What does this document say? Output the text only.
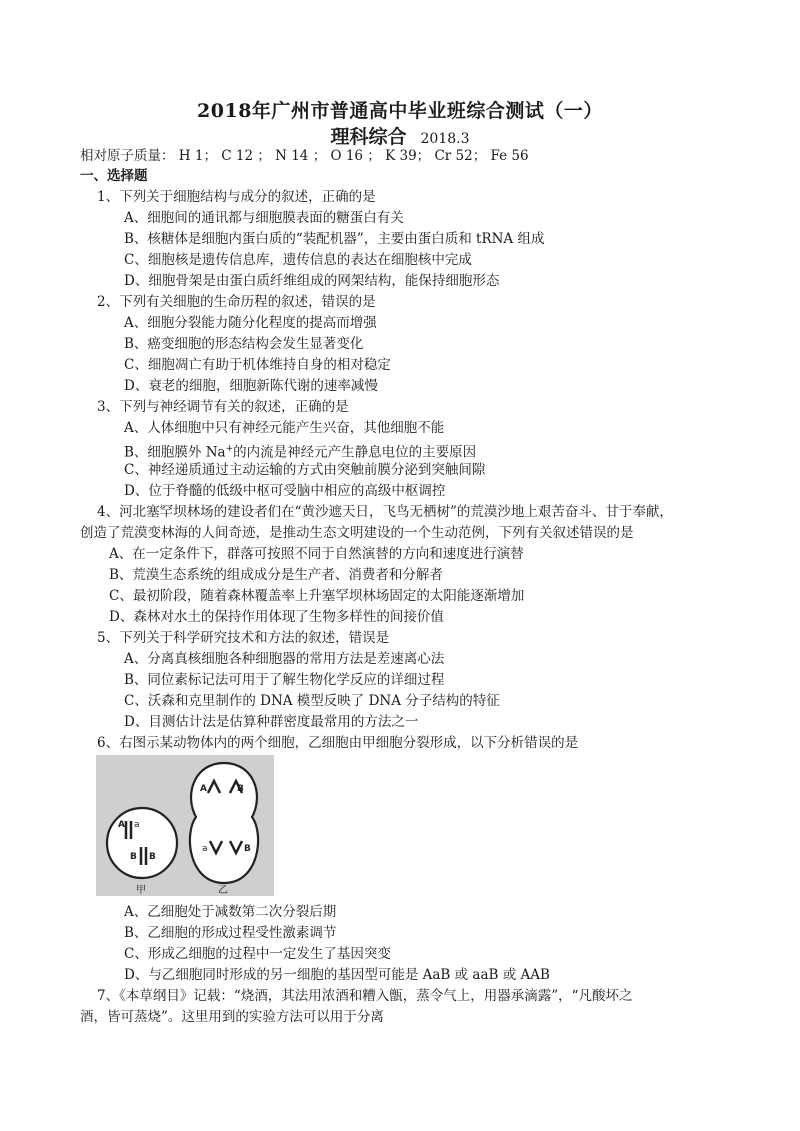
2018年广州市普通高中毕业班综合测试（一）
理科综合 2018.3
相对原子质量： H 1； C 12 ； N 14 ； O 16 ； K 39； Cr 52； Fe 56
一、选择题
1、下列关于细胞结构与成分的叙述，正确的是
A、细胞间的通讯都与细胞膜表面的糖蛋白有关
B、核糖体是细胞内蛋白质的“装配机器”，主要由蛋白质和 tRNA 组成
C、细胞核是遗传信息库，遗传信息的表达在细胞核中完成
D、细胞骨架是由蛋白质纤维组成的网架结构，能保持细胞形态
2、下列有关细胞的生命历程的叙述，错误的是
A、细胞分裂能力随分化程度的提高而增强
B、癌变细胞的形态结构会发生显著变化
C、细胞凋亡有助于机体维持自身的相对稳定
D、衰老的细胞，细胞新陈代谢的速率减慢
3、下列与神经调节有关的叙述，正确的是
A、人体细胞中只有神经元能产生兴奋，其他细胞不能
B、细胞膜外 Na+的内流是神经元产生静息电位的主要原因
C、神经递质通过主动运输的方式由突触前膜分泌到突触间隙
D、位于脊髓的低级中枢可受脑中相应的高级中枢调控
4、河北塞罕坝林场的建设者们在“黄沙遮天日，飞鸟无栖树”的荒漠沙地上艰苦奋斗、甘于奉献，
创造了荒漠变林海的人间奇迹，是推动生态文明建设的一个生动范例，下列有关叙述错误的是
A、在一定条件下，群落可按照不同于自然演替的方向和速度进行演替
B、荒漠生态系统的组成成分是生产者、消费者和分解者
C、最初阶段，随着森林覆盖率上升塞罕坝林场固定的太阳能逐渐增加
D、森林对水土的保持作用体现了生物多样性的间接价值
5、下列关于科学研究技术和方法的叙述，错误是
A、分离真核细胞各种细胞器的常用方法是差速离心法
B、同位素标记法可用于了解生物化学反应的详细过程
C、沃森和克里制作的 DNA 模型反映了 DNA 分子结构的特征
D、目测估计法是估算种群密度最常用的方法之一
6、右图示某动物体内的两个细胞，乙细胞由甲细胞分裂形成，以下分析错误的是
A a
B B
A	B
a	B
甲	乙
A、乙细胞处于减数第二次分裂后期
B、乙细胞的形成过程受性激素调节
C、形成乙细胞的过程中一定发生了基因突变
D、与乙细胞同时形成的另一细胞的基因型可能是 AaB 或 aaB 或 AAB
7、《本草纲目》记载：“烧酒，其法用浓酒和糟入甑，蒸令气上，用器承滴露”，“凡酸坏之
酒，皆可蒸烧”。这里用到的实验方法可以用于分离
